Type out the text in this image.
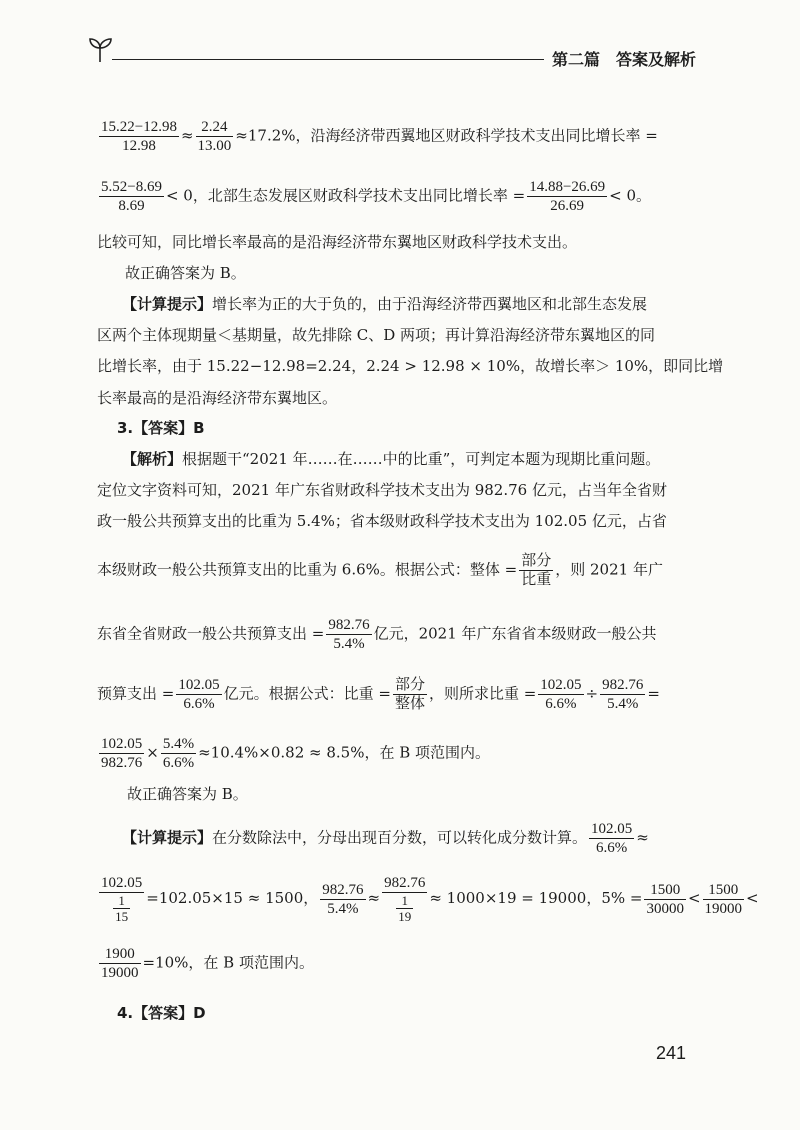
第二篇　答案及解析
$\frac{15.22-12.98}{12.98} \approx \frac{2.24}{13.00} \approx 17.2\%$，沿海经济带西翼地区财政科学技术支出同比增长率 =
$\frac{5.52-8.69}{8.69} < 0$，北部生态发展区财政科学技术支出同比增长率 = $\frac{14.88-26.69}{26.69} < 0$。
比较可知，同比增长率最高的是沿海经济带东翼地区财政科学技术支出。
故正确答案为 B。
【计算提示】增长率为正的大于负的，由于沿海经济带西翼地区和北部生态发展
区两个主体现期量＜基期量，故先排除 C、D 两项；再计算沿海经济带东翼地区的同
比增长率，由于 15.22−12.98=2.24，2.24 > 12.98 × 10%，故增长率＞ 10%，即同比增
长率最高的是沿海经济带东翼地区。
3.【答案】B
【解析】根据题干“2021 年……在……中的比重”，可判定本题为现期比重问题。
定位文字资料可知，2021 年广东省财政科学技术支出为 982.76 亿元，占当年全省财
政一般公共预算支出的比重为 5.4%；省本级财政科学技术支出为 102.05 亿元，占省
本级财政一般公共预算支出的比重为 6.6%。根据公式：整体 = $\frac{\text{部分}}{\text{比重}}$ ，则 2021 年广
东省全省财政一般公共预算支出 = $\frac{982.76}{5.4\%}$ 亿元，2021 年广东省省本级财政一般公共
预算支出 = $\frac{102.05}{6.6\%}$ 亿元。根据公式：比重 = $\frac{\text{部分}}{\text{整体}}$ ，则所求比重 = $\frac{102.05}{6.6\%} \div \frac{982.76}{5.4\%}$ =
$\frac{102.05}{982.76} \times \frac{5.4\%}{6.6\%} \approx 10.4\%\times 0.82 \approx 8.5\%$，在 B 项范围内。
故正确答案为 B。
【计算提示】在分数除法中，分母出现百分数，可以转化成分数计算。 $\frac{102.05}{6.6\%}$ ≈
$\frac{102.05}{\frac{1}{15}} =102.05\times 15 \approx 1500$， $\frac{982.76}{5.4\%} \approx \frac{982.76}{\frac{1}{19}} \approx 1000\times 19 = 19000$，$5\% = \frac{1500}{30000} < \frac{1500}{19000}$ <
$\frac{1900}{19000} =10\%$，在 B 项范围内。
4.【答案】D
241
